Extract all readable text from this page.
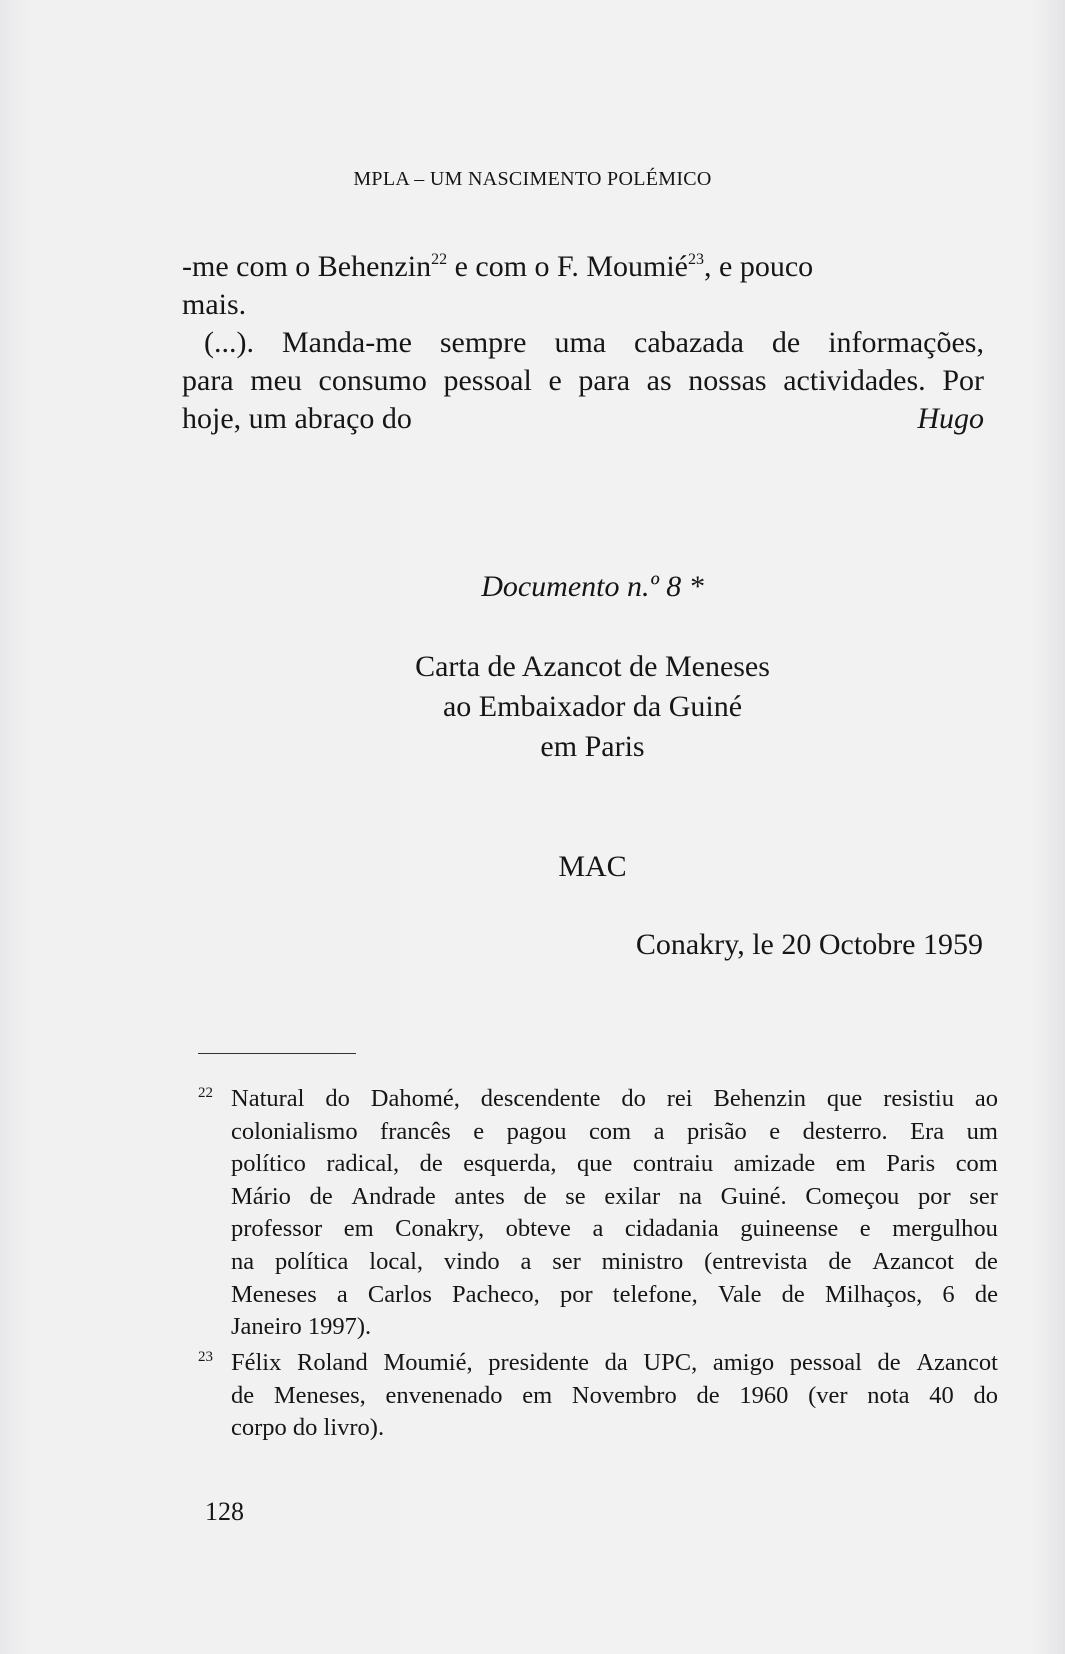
MPLA – UM NASCIMENTO POLÉMICO
-me com o Behenzin$^{22}$ e com o F. Moumié$^{23}$, e pouco
mais.
(...). Manda-me sempre uma cabazada de informações,
para meu consumo pessoal e para as nossas actividades. Por
hoje, um abraço do	Hugo
Documento n.º 8 *
Carta de Azancot de Meneses
ao Embaixador da Guiné
em Paris
MAC
Conakry, le 20 Octobre 1959
22 Natural do Dahomé, descendente do rei Behenzin que resistiu ao
colonialismo francês e pagou com a prisão e desterro. Era um
político radical, de esquerda, que contraiu amizade em Paris com
Mário de Andrade antes de se exilar na Guiné. Começou por ser
professor em Conakry, obteve a cidadania guineense e mergulhou
na política local, vindo a ser ministro (entrevista de Azancot de
Meneses a Carlos Pacheco, por telefone, Vale de Milhaços, 6 de
Janeiro 1997).
23 Félix Roland Moumié, presidente da UPC, amigo pessoal de Azancot
de Meneses, envenenado em Novembro de 1960 (ver nota 40 do
corpo do livro).
128
